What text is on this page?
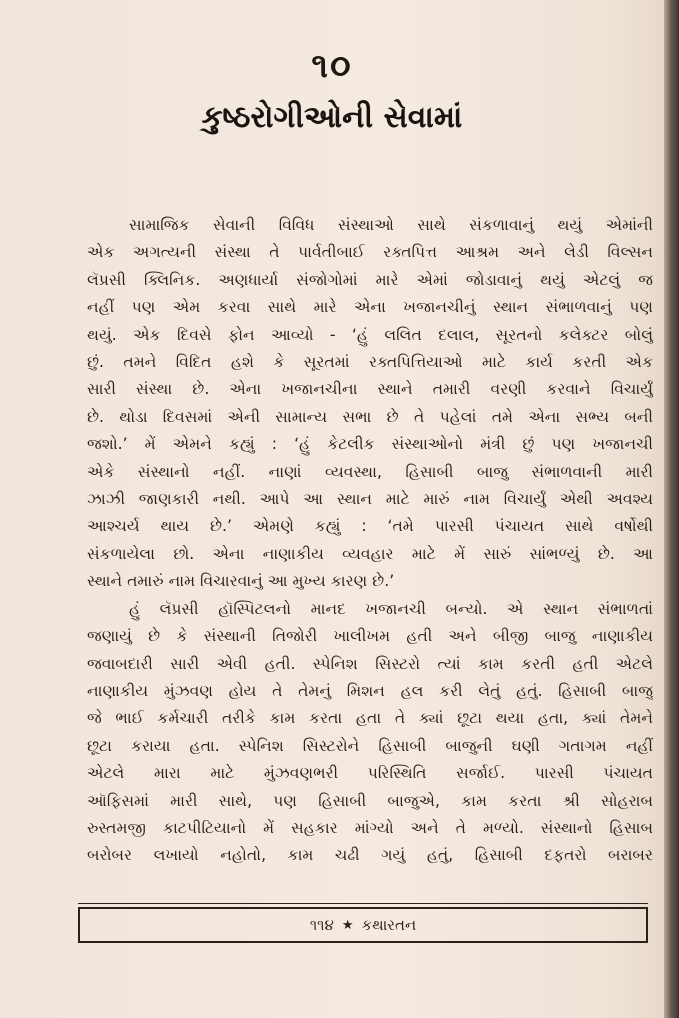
૧૦
કુષ્ઠરોગીઓની સેવામાં
સામાજિક સેવાની વિવિધ સંસ્થાઓ સાથે સંકળાવાનું થયું એમાંની
એક અગત્યની સંસ્થા તે પાર્વતીબાઈ રક્તપિત્ત આશ્રમ અને લેડી વિલ્સન
લૅપ્રસી ક્લિનિક. અણધાર્યા સંજોગોમાં મારે એમાં જોડાવાનું થયું એટલું જ
નહીં પણ એમ કરવા સાથે મારે એના ખજાનચીનું સ્થાન સંભાળવાનું પણ
થયું. એક દિવસે ફોન આવ્યો - ‘હું લલિત દલાલ, સૂરતનો કલેક્ટર બોલું
છું. તમને વિદિત હશે કે સૂરતમાં રક્તપિત્તિયાઓ માટે કાર્ય કરતી એક
સારી સંસ્થા છે. એના ખજાનચીના સ્થાને તમારી વરણી કરવાને વિચાર્યું
છે. થોડા દિવસમાં એની સામાન્ય સભા છે તે પહેલાં તમે એના સભ્ય બની
જશો.’ મેં એમને કહ્યું : ‘હું કેટલીક સંસ્થાઓનો મંત્રી છું પણ ખજાનચી
એકે સંસ્થાનો નહીં. નાણાં વ્યવસ્થા, હિસાબી બાજુ સંભાળવાની મારી
ઝાઝી જાણકારી નથી. આપે આ સ્થાન માટે મારું નામ વિચાર્યું એથી અવશ્ય
આશ્ચર્ય થાય છે.’ એમણે કહ્યું : ‘તમે પારસી પંચાયત સાથે વર્ષોથી
સંકળાયેલા છો. એના નાણાકીય વ્યવહાર માટે મેં સારું સાંભળ્યું છે. આ
સ્થાને તમારું નામ વિચારવાનું આ મુખ્ય કારણ છે.’
હું લૅપ્રસી હૉસ્પિટલનો માનદ ખજાનચી બન્યો. એ સ્થાન સંભાળતાં
જણાયું છે કે સંસ્થાની તિજોરી ખાલીખમ હતી અને બીજી બાજુ નાણાકીય
જવાબદારી સારી એવી હતી. સ્પેનિશ સિસ્ટરો ત્યાં કામ કરતી હતી એટલે
નાણાકીય મુંઝવણ હોય તે તેમનું મિશન હલ કરી લેતું હતું. હિસાબી બાજુ
જે ભાઈ કર્મચારી તરીકે કામ કરતા હતા તે ક્યાં છૂટા થયા હતા, ક્યાં તેમને
છૂટા કરાયા હતા. સ્પેનિશ સિસ્ટરોને હિસાબી બાજુની ઘણી ગતાગમ નહીં
એટલે મારા માટે મુંઝવણભરી પરિસ્થિતિ સર્જાઈ. પારસી પંચાયત
ઑફિસમાં મારી સાથે, પણ હિસાબી બાજુએ, કામ કરતા શ્રી સોહરાબ
રુસ્તમજી કાટપીટિયાનો મેં સહકાર માંગ્યો અને તે મળ્યો. સંસ્થાનો હિસાબ
બરોબર લખાયો નહોતો, કામ ચઢી ગયું હતું, હિસાબી દફતરો બરાબર
૧૧૪ ★ કથારતન
